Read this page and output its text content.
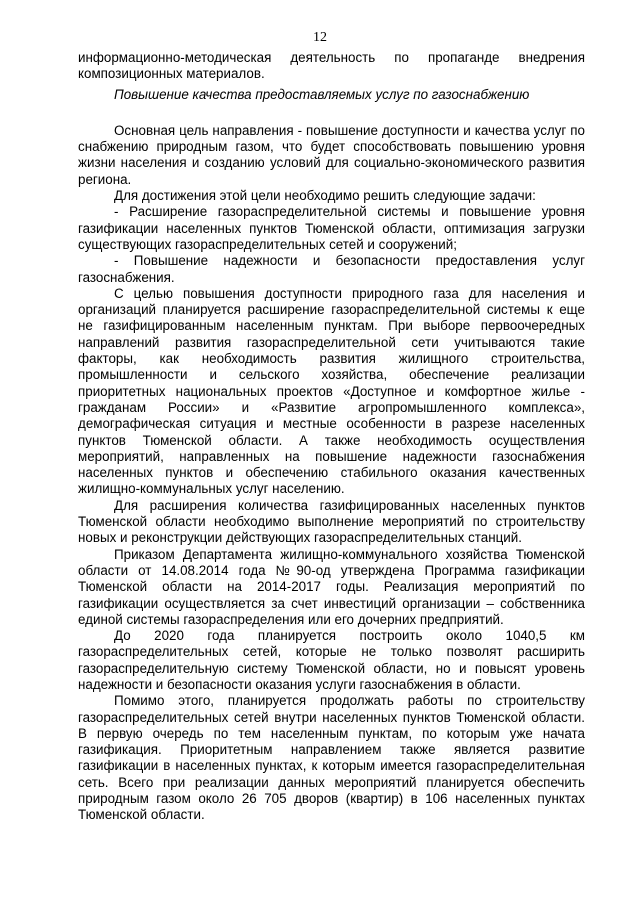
12

информационно-методическая деятельность по пропаганде внедрения композиционных материалов.

Повышение качества предоставляемых услуг по газоснабжению

Основная цель направления - повышение доступности и качества услуг по снабжению природным газом, что будет способствовать повышению уровня жизни населения и созданию условий для социально-экономического развития региона.

Для достижения этой цели необходимо решить следующие задачи:

- Расширение газораспределительной системы и повышение уровня газификации населенных пунктов Тюменской области, оптимизация загрузки существующих газораспределительных сетей и сооружений;

- Повышение надежности и безопасности предоставления услуг газоснабжения.

С целью повышения доступности природного газа для населения и организаций планируется расширение газораспределительной системы к еще не газифицированным населенным пунктам. При выборе первоочередных направлений развития газораспределительной сети учитываются такие факторы, как необходимость развития жилищного строительства, промышленности и сельского хозяйства, обеспечение реализации приоритетных национальных проектов «Доступное и комфортное жилье - гражданам России» и «Развитие агропромышленного комплекса», демографическая ситуация и местные особенности в разрезе населенных пунктов Тюменской области. А также необходимость осуществления мероприятий, направленных на повышение надежности газоснабжения населенных пунктов и обеспечению стабильного оказания качественных жилищно-коммунальных услуг населению.

Для расширения количества газифицированных населенных пунктов Тюменской области необходимо выполнение мероприятий по строительству новых и реконструкции действующих газораспределительных станций.

Приказом Департамента жилищно-коммунального хозяйства Тюменской области от 14.08.2014 года №90-од утверждена Программа газификации Тюменской области на 2014-2017 годы. Реализация мероприятий по газификации осуществляется за счет инвестиций организации – собственника единой системы газораспределения или его дочерних предприятий.

До 2020 года планируется построить около 1040,5 км газораспределительных сетей, которые не только позволят расширить газораспределительную систему Тюменской области, но и повысят уровень надежности и безопасности оказания услуги газоснабжения в области.

Помимо этого, планируется продолжать работы по строительству газораспределительных сетей внутри населенных пунктов Тюменской области. В первую очередь по тем населенным пунктам, по которым уже начата газификация. Приоритетным направлением также является развитие газификации в населенных пунктах, к которым имеется газораспределительная сеть. Всего при реализации данных мероприятий планируется обеспечить природным газом около 26 705 дворов (квартир) в 106 населенных пунктах Тюменской области.
